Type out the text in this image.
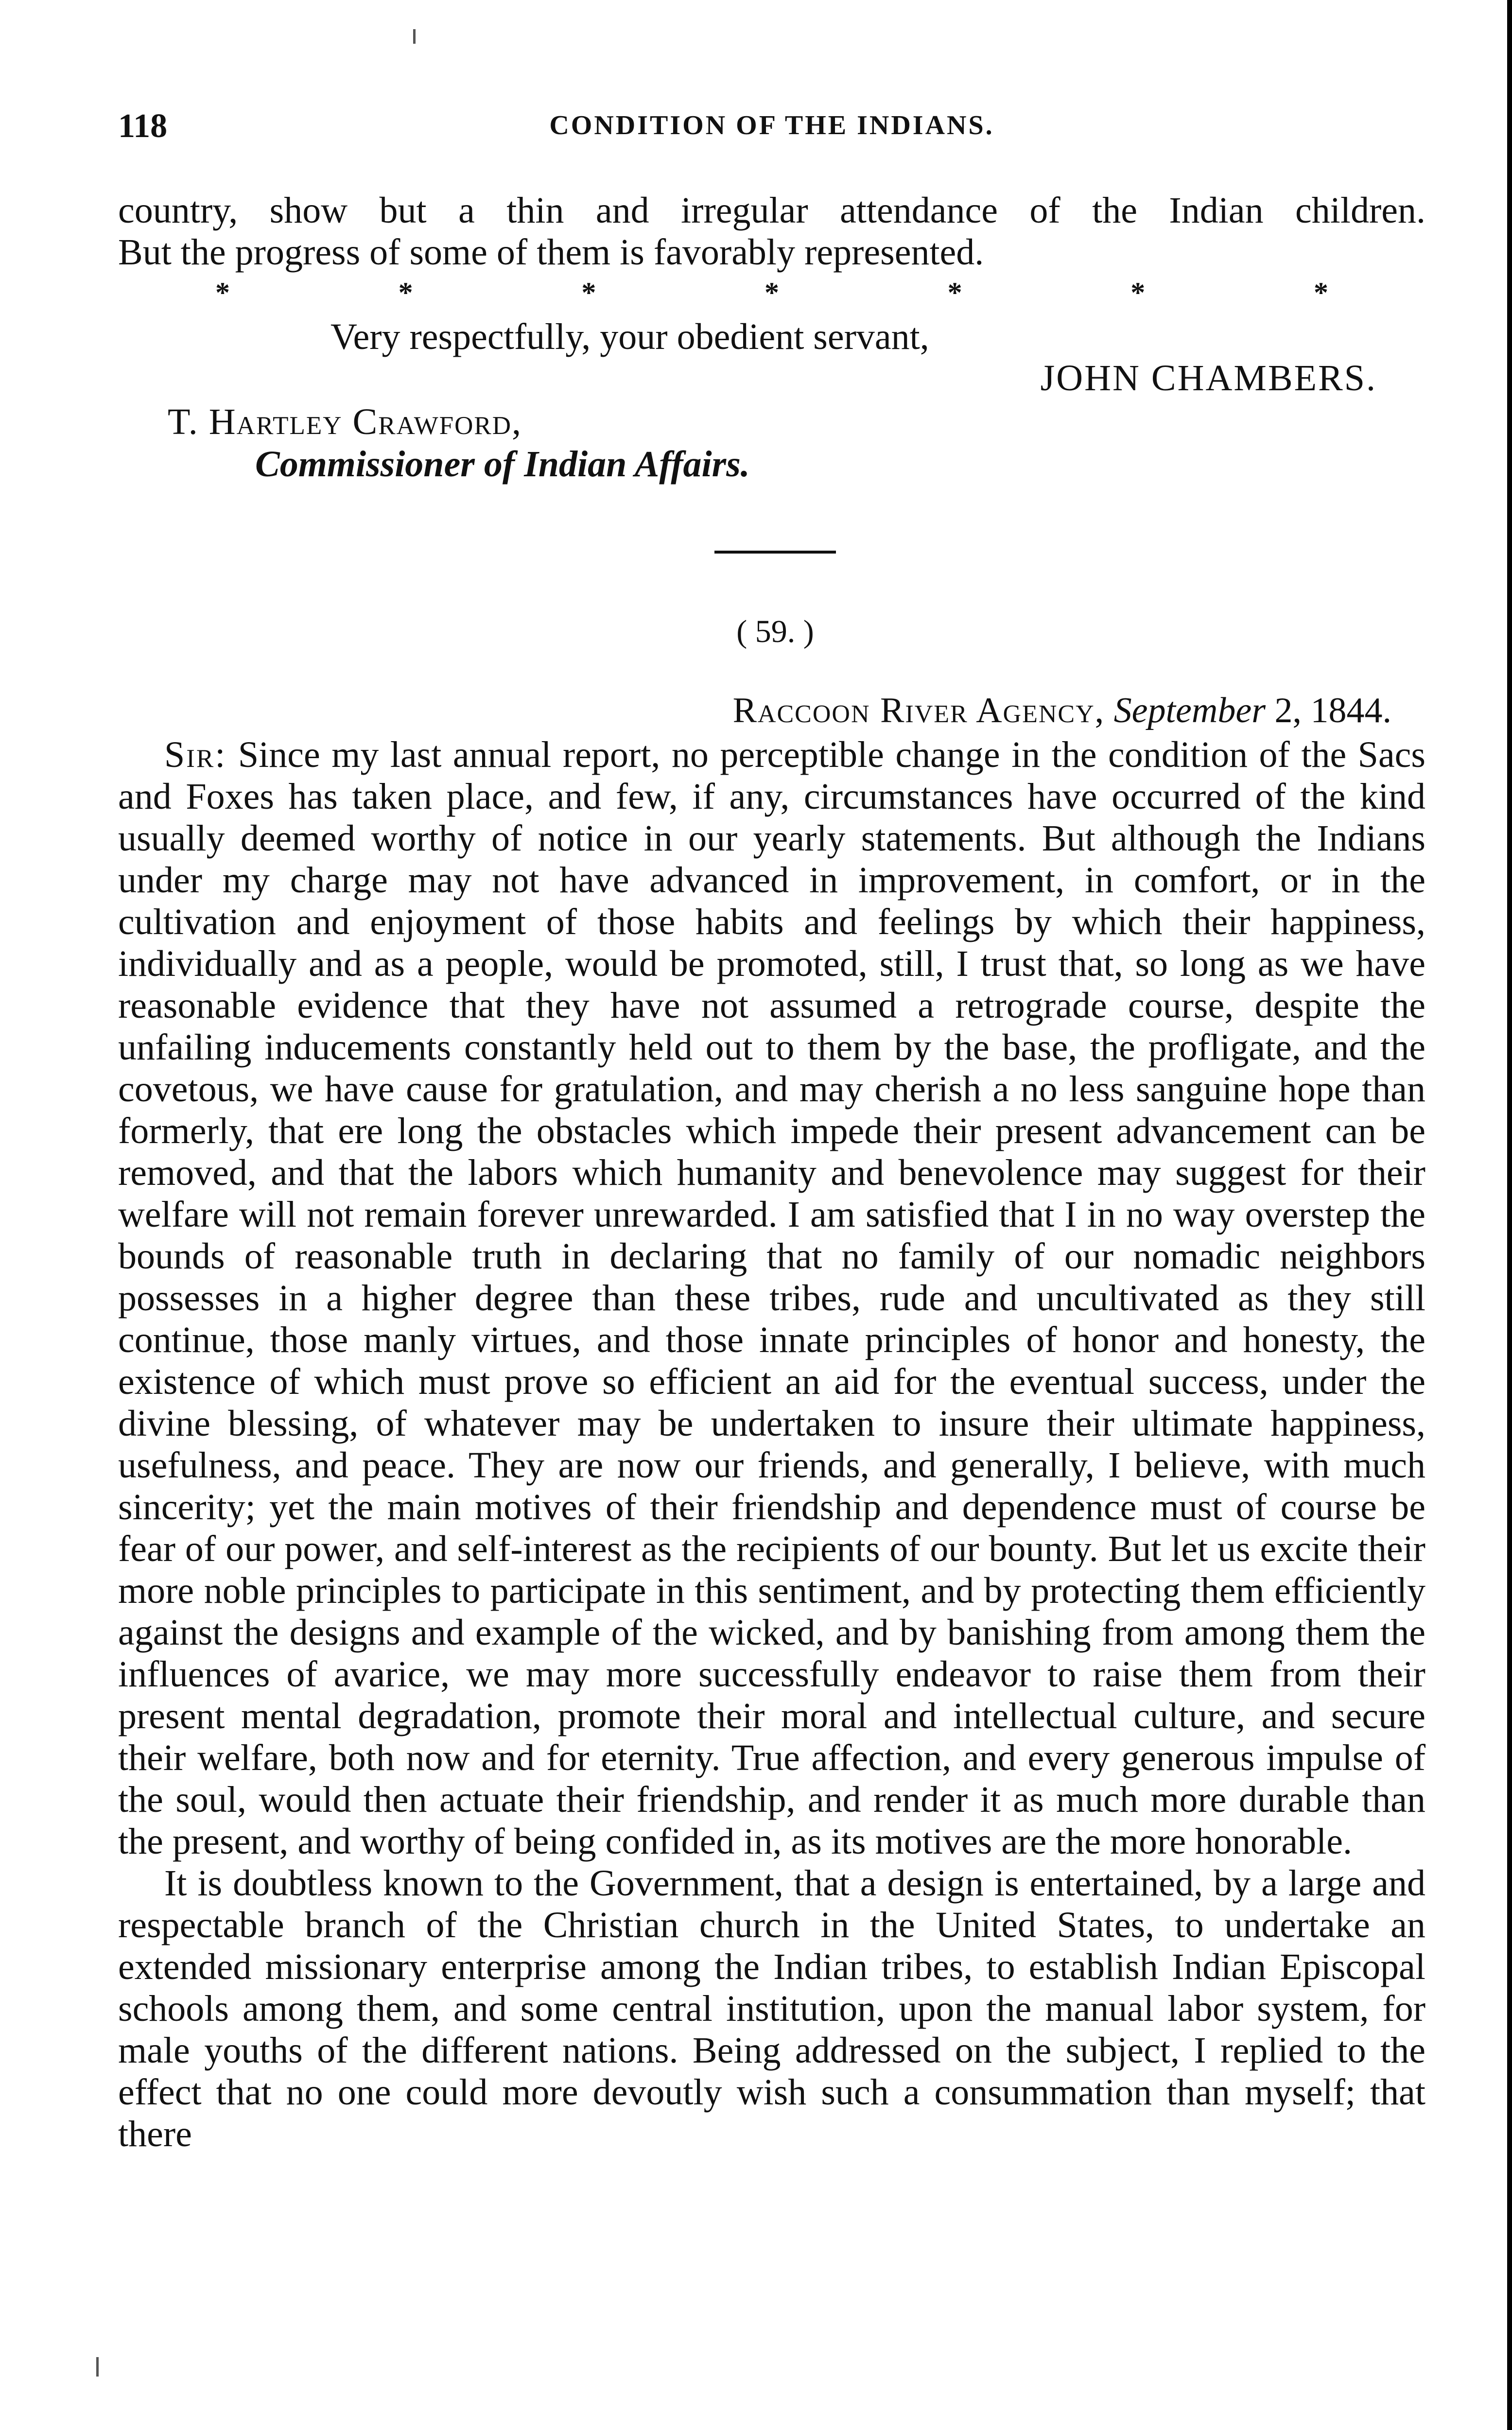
118	CONDITION OF THE INDIANS.
country, show but a thin and irregular attendance of the Indian children.
But the progress of some of them is favorably represented.
*	*	*	*	*	*	*
Very respectfully, your obedient servant,
JOHN CHAMBERS.
T. Hartley Crawford,
Commissioner of Indian Affairs.
( 59. )
Raccoon River Agency, September 2, 1844.

Sir: Since my last annual report, no perceptible change in the condition of the Sacs and Foxes has taken place, and few, if any, circumstances have occurred of the kind usually deemed worthy of notice in our yearly statements. But although the Indians under my charge may not have advanced in improvement, in comfort, or in the cultivation and enjoyment of those habits and feelings by which their happiness, individually and as a people, would be promoted, still, I trust that, so long as we have reasonable evidence that they have not assumed a retrograde course, despite the unfailing inducements constantly held out to them by the base, the profligate, and the covetous, we have cause for gratulation, and may cherish a no less sanguine hope than formerly, that ere long the obstacles which impede their present advancement can be removed, and that the labors which humanity and benevolence may suggest for their welfare will not remain forever unrewarded. I am satisfied that I in no way overstep the bounds of reasonable truth in declaring that no family of our nomadic neighbors possesses in a higher degree than these tribes, rude and uncultivated as they still continue, those manly virtues, and those innate principles of honor and honesty, the existence of which must prove so efficient an aid for the eventual success, under the divine blessing, of whatever may be undertaken to insure their ultimate happiness, usefulness, and peace. They are now our friends, and generally, I believe, with much sincerity; yet the main motives of their friendship and dependence must of course be fear of our power, and self-interest as the recipients of our bounty. But let us excite their more noble principles to participate in this sentiment, and by protecting them efficiently against the designs and example of the wicked, and by banishing from among them the influences of avarice, we may more successfully endeavor to raise them from their present mental degradation, promote their moral and intellectual culture, and secure their welfare, both now and for eternity. True affection, and every generous impulse of the soul, would then actuate their friendship, and render it as much more durable than the present, and worthy of being confided in, as its motives are the more honorable.

It is doubtless known to the Government, that a design is entertained, by a large and respectable branch of the Christian church in the United States, to undertake an extended missionary enterprise among the Indian tribes, to establish Indian Episcopal schools among them, and some central institution, upon the manual labor system, for male youths of the different nations. Being addressed on the subject, I replied to the effect that no one could more devoutly wish such a consummation than myself; that there
